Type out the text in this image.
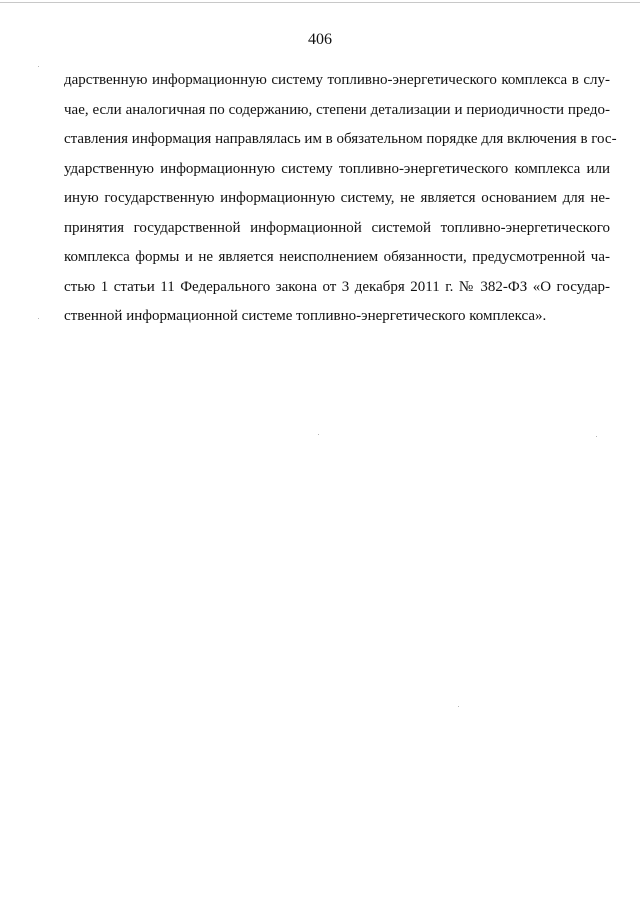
406
дарственную информационную систему топливно-энергетического комплекса в слу-
чае, если аналогичная по содержанию, степени детализации и периодичности предо-
ставления информация направлялась им в обязательном порядке для включения в гос-
ударственную информационную систему топливно-энергетического комплекса или
иную государственную информационную систему, не является основанием для не-
принятия государственной информационной системой топливно-энергетического
комплекса формы и не является неисполнением обязанности, предусмотренной ча-
стью 1 статьи 11 Федерального закона от 3 декабря 2011 г. № 382-ФЗ «О государ-
ственной информационной системе топливно-энергетического комплекса».
